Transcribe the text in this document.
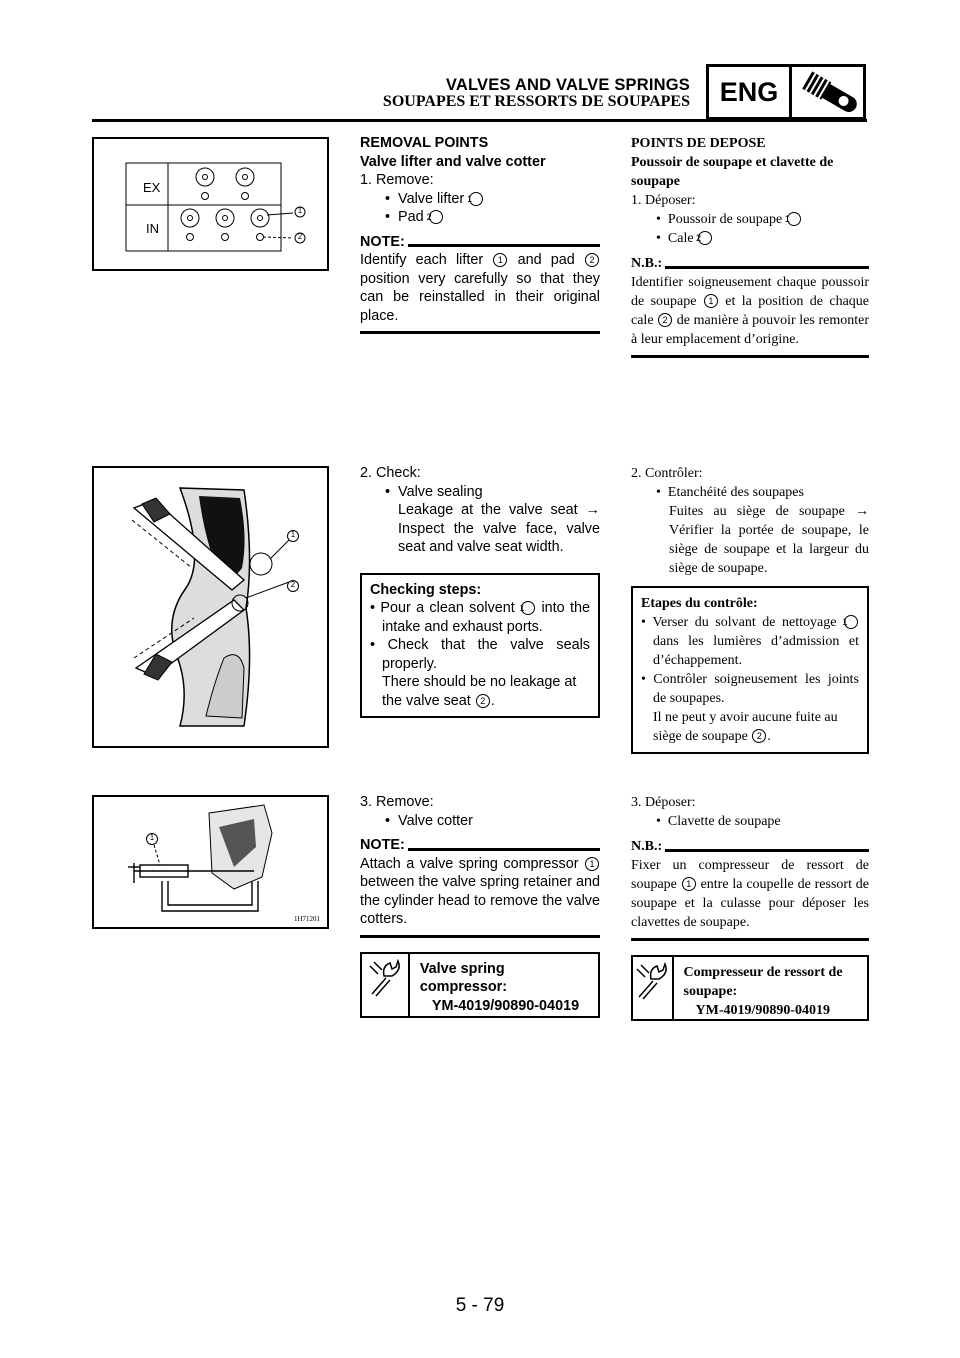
VALVES AND VALVE SPRINGS
SOUPAPES ET RESSORTS DE SOUPAPES	ENG
EX
IN
1
2
1
2
1
1H71201

REMOVAL POINTS

Valve lifter and valve cotter

1. Remove:

•  Valve lifter 1

•  Pad 2

NOTE:

Identify each lifter 1 and pad 2 position very carefully so that they can be reinstalled in their original place.

POINTS DE DEPOSE

Poussoir de soupape et clavette de soupape

1. Déposer:

•  Poussoir de soupape 1

•  Cale 2

N.B.:

Identifier soigneusement chaque poussoir de soupape 1 et la position de chaque cale 2 de manière à pouvoir les remonter à leur emplacement d’origine.

2. Check:

•  Valve sealing

Leakage at the valve seat → Inspect the valve face, valve seat and valve seat width.

Checking steps:

• Pour a clean solvent 1 into the intake and exhaust ports.

• Check that the valve seals properly.

There should be no leakage at the valve seat 2 .

2. Contrôler:

•  Etanchéité des soupapes

Fuites au siège de soupape → Vérifier la portée de soupape, le siège de soupape et la largeur du siège de soupape.

Etapes du contrôle:

• Verser du solvant de nettoyage 1 dans les lumières d’admission et d’échappement.

• Contrôler soigneusement les joints de soupapes.

Il ne peut y avoir aucune fuite au siège de soupape 2 .

3. Remove:

•  Valve cotter

NOTE:

Attach a valve spring compressor 1 between the valve spring retainer and the cylinder head to remove the valve cotters.

Valve spring compressor:
YM-4019/90890-04019

3. Déposer:

•  Clavette de soupape

N.B.:

Fixer un compresseur de ressort de soupape 1 entre la coupelle de ressort de soupape et la culasse pour déposer les clavettes de soupape.

Compresseur de ressort de soupape:
YM-4019/90890-04019
5 - 79
